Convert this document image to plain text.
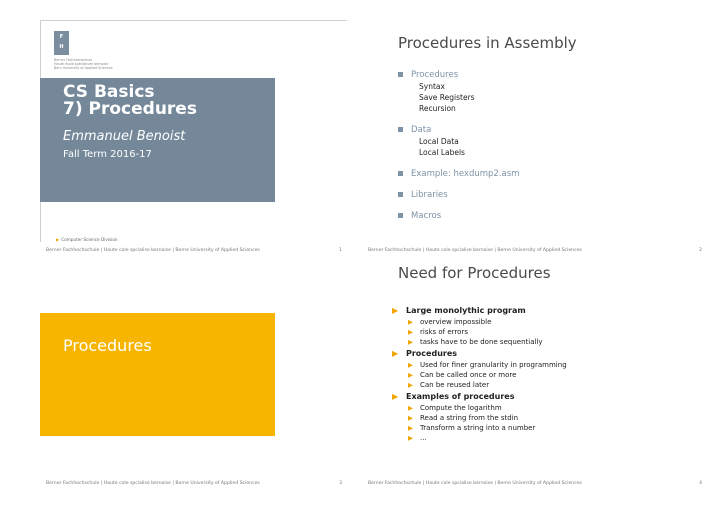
F
H
Berner Fachhochschule
Haute école spécialisée bernoise
Bern University of Applied Sciences
CS Basics
7) Procedures
Emmanuel Benoist
Fall Term 2016-17
▶ Computer Science Division
Berner Fachhochschule | Haute cole spcialise bernoise | Berne University of Applied Sciences	1
Procedures in Assembly
Procedures
Syntax
Save Registers
Recursion
Data
Local Data
Local Labels
Example: hexdump2.asm
Libraries
Macros
Berner Fachhochschule | Haute cole spcialise bernoise | Berne University of Applied Sciences	2
Procedures
Berner Fachhochschule | Haute cole spcialise bernoise | Berne University of Applied Sciences	3
Need for Procedures
▶ Large monolythic program
▶ overview impossible
▶ risks of errors
▶ tasks have to be done sequentially
▶ Procedures
▶ Used for finer granularity in programming
▶ Can be called once or more
▶ Can be reused later
▶ Examples of procedures
▶ Compute the logarithm
▶ Read a string from the stdin
▶ Transform a string into a number
▶ ...
Berner Fachhochschule | Haute cole spcialise bernoise | Berne University of Applied Sciences	4
